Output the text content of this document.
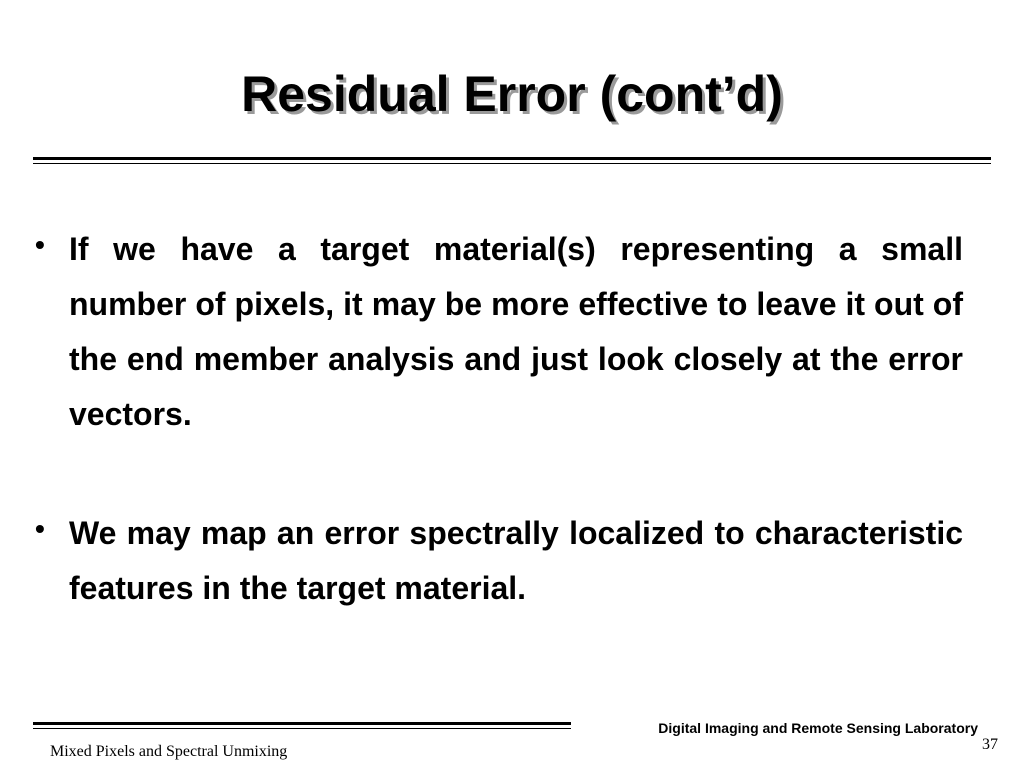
Residual Error (cont’d)
• If we have a target material(s) representing a small number of pixels, it may be more effective to leave it out of the end member analysis and just look closely at the error vectors.
• We may map an error spectrally localized to characteristic features in the target material.
Digital Imaging and Remote Sensing Laboratory
37
Mixed Pixels and Spectral Unmixing
